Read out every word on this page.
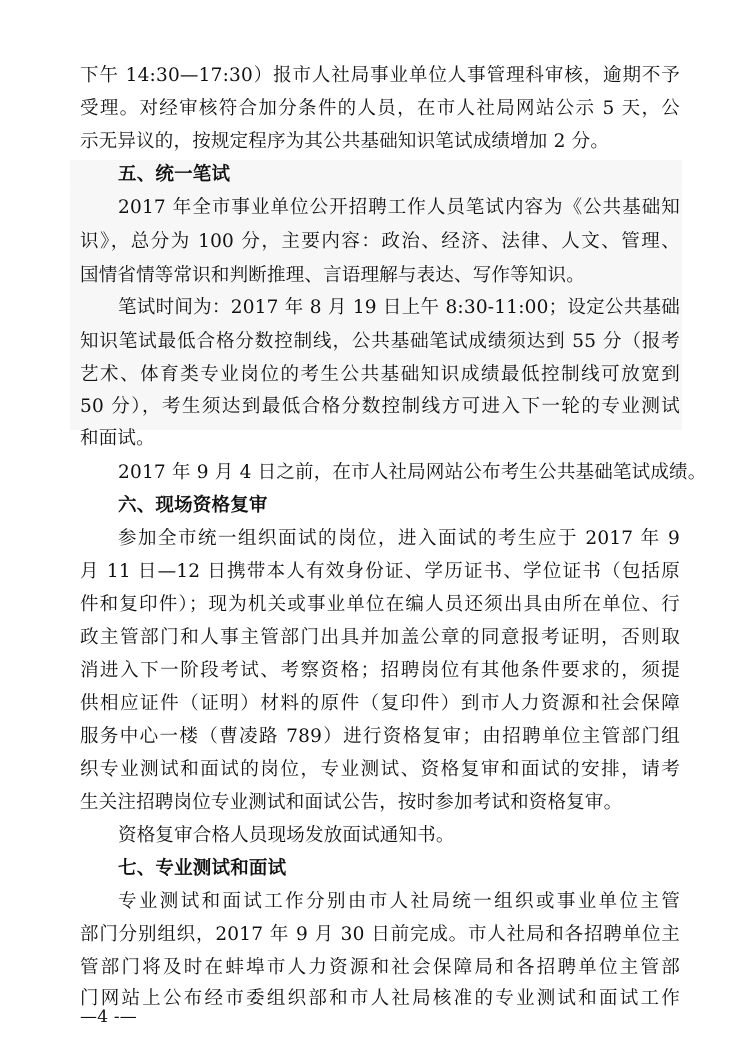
下午 14:30—17:30）报市人社局事业单位人事管理科审核，逾期不予
受理。对经审核符合加分条件的人员，在市人社局网站公示 5 天，公
示无异议的，按规定程序为其公共基础知识笔试成绩增加 2 分。
五、统一笔试
2017 年全市事业单位公开招聘工作人员笔试内容为《公共基础知
识》，总分为 100 分，主要内容：政治、经济、法律、人文、管理、
国情省情等常识和判断推理、言语理解与表达、写作等知识。
笔试时间为：2017 年 8 月 19 日上午 8:30-11:00；设定公共基础
知识笔试最低合格分数控制线，公共基础笔试成绩须达到 55 分（报考
艺术、体育类专业岗位的考生公共基础知识成绩最低控制线可放宽到
50 分），考生须达到最低合格分数控制线方可进入下一轮的专业测试
和面试。
2017 年 9 月 4 日之前，在市人社局网站公布考生公共基础笔试成绩。
六、现场资格复审
参加全市统一组织面试的岗位，进入面试的考生应于 2017 年 9
月 11 日—12 日携带本人有效身份证、学历证书、学位证书（包括原
件和复印件）；现为机关或事业单位在编人员还须出具由所在单位、行
政主管部门和人事主管部门出具并加盖公章的同意报考证明，否则取
消进入下一阶段考试、考察资格；招聘岗位有其他条件要求的，须提
供相应证件（证明）材料的原件（复印件）到市人力资源和社会保障
服务中心一楼（曹凌路 789）进行资格复审；由招聘单位主管部门组
织专业测试和面试的岗位，专业测试、资格复审和面试的安排，请考
生关注招聘岗位专业测试和面试公告，按时参加考试和资格复审。
资格复审合格人员现场发放面试通知书。
七、专业测试和面试
专业测试和面试工作分别由市人社局统一组织或事业单位主管
部门分别组织，2017 年 9 月 30 日前完成。市人社局和各招聘单位主
管部门将及时在蚌埠市人力资源和社会保障局和各招聘单位主管部
门网站上公布经市委组织部和市人社局核准的专业测试和面试工作
—4 -—
